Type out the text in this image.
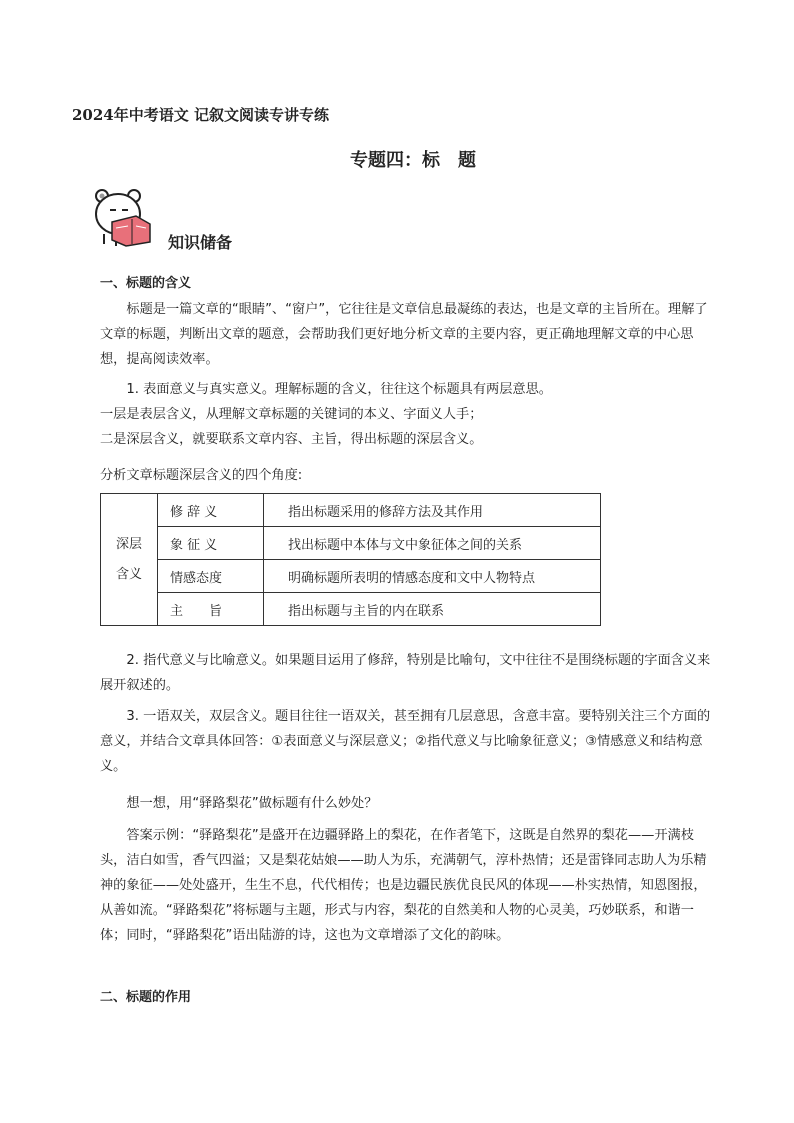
2024年中考语文 记叙文阅读专讲专练
专题四：标　题
知识储备
一、标题的含义
标题是一篇文章的“眼睛”、“窗户”，它往往是文章信息最凝练的表达，也是文章的主旨所在。理解了文章的标题，判断出文章的题意，会帮助我们更好地分析文章的主要内容，更正确地理解文章的中心思想，提高阅读效率。
1. 表面意义与真实意义。理解标题的含义，往往这个标题具有两层意思。
一层是表层含义，从理解文章标题的关键词的本义、字面义人手；
二是深层含义，就要联系文章内容、主旨，得出标题的深层含义。
分析文章标题深层含义的四个角度:
深层
含义	修 辞 义	指出标题采用的修辞方法及其作用
	象 征 义	找出标题中本体与文中象征体之间的关系
	情感态度	明确标题所表明的情感态度和文中人物特点
	主　　旨	指出标题与主旨的内在联系
2. 指代意义与比喻意义。如果题目运用了修辞，特别是比喻句，文中往往不是围绕标题的字面含义来展开叙述的。
3. 一语双关，双层含义。题目往往一语双关，甚至拥有几层意思，含意丰富。要特别关注三个方面的意义，并结合文章具体回答：①表面意义与深层意义；②指代意义与比喻象征意义；③情感意义和结构意义。
想一想，用“驿路梨花”做标题有什么妙处？
答案示例：“驿路梨花”是盛开在边疆驿路上的梨花，在作者笔下，这既是自然界的梨花——开满枝头，洁白如雪，香气四溢；又是梨花姑娘——助人为乐，充满朝气，淳朴热情；还是雷锋同志助人为乐精神的象征——处处盛开，生生不息，代代相传；也是边疆民族优良民风的体现——朴实热情，知恩图报，从善如流。“驿路梨花”将标题与主题，形式与内容，梨花的自然美和人物的心灵美，巧妙联系，和谐一体；同时，“驿路梨花”语出陆游的诗，这也为文章增添了文化的韵味。
二、标题的作用
